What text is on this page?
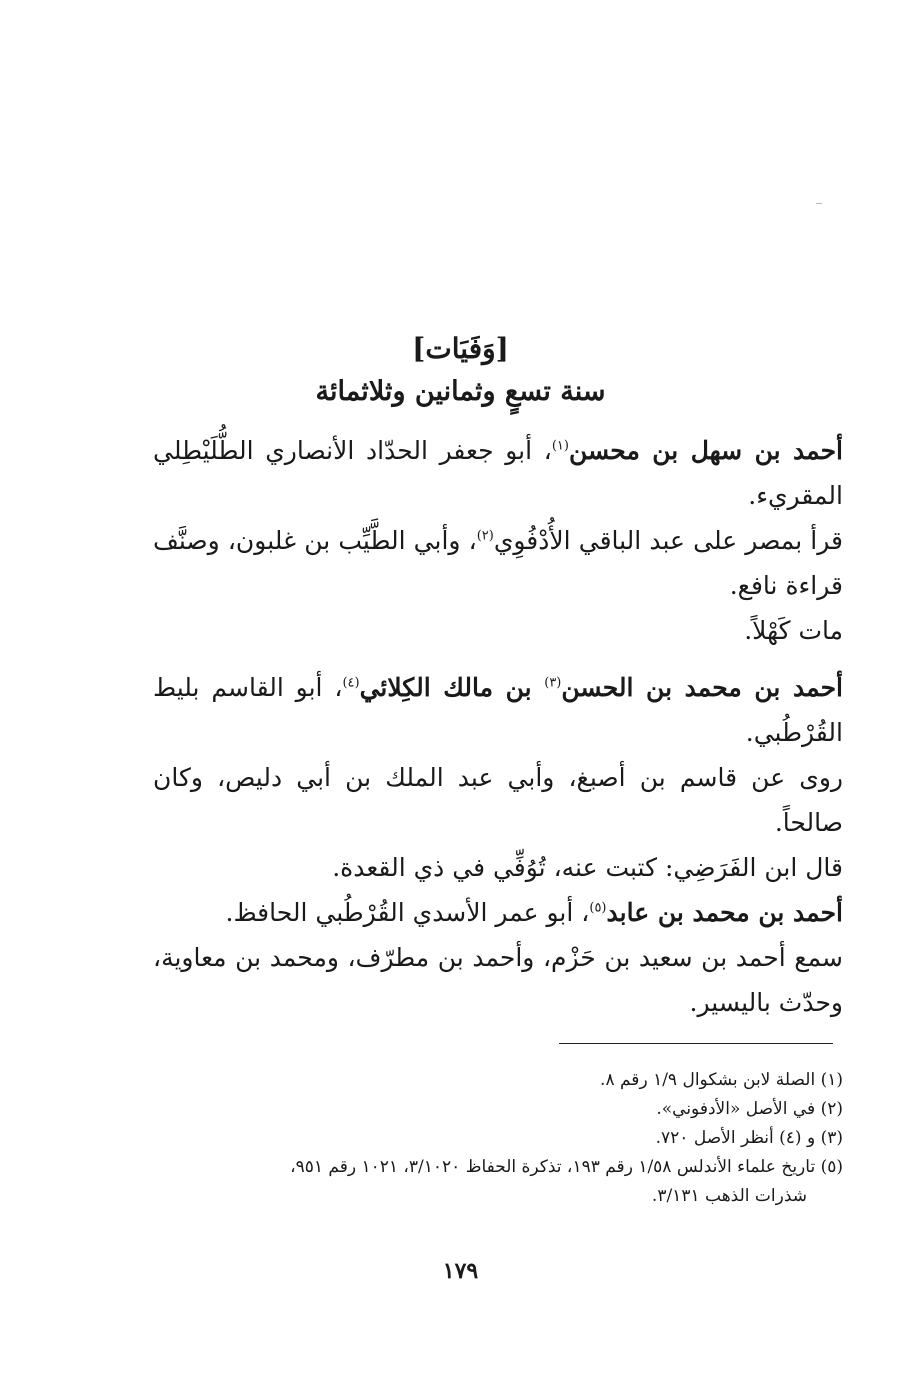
[وَفَيَات]
سنة تسعٍ وثمانين وثلاثمائة

أحمد بن سهل بن محسن$^{(١)}$، أبو جعفر الحدّاد الأنصاري الطُّلَيْطِلي المقريء.

قرأ بمصر على عبد الباقي الأُدْفُوِي$^{(٢)}$، وأبي الطَّيِّب بن غلبون، وصنَّف قراءة نافع.

مات كَهْلاً.

أحمد بن محمد بن الحسن$^{(٣)}$ بن مالك الكِلائي$^{(٤)}$، أبو القاسم بليط القُرْطُبي.

روى عن قاسم بن أصبغ، وأبي عبد الملك بن أبي دليص، وكان صالحاً.

قال ابن الفَرَضِي: كتبت عنه، تُوُفِّي في ذي القعدة.

أحمد بن محمد بن عابد$^{(٥)}$، أبو عمر الأسدي القُرْطُبي الحافظ.

سمع أحمد بن سعيد بن حَزْم، وأحمد بن مطرّف، ومحمد بن معاوية، وحدّث باليسير.

(١) الصلة لابن بشكوال ١/٩ رقم ٨.

(٢) في الأصل «الأدفوني».

(٣) و (٤) أنظر الأصل ٧٢٠.

(٥) تاريخ علماء الأندلس ١/٥٨ رقم ١٩٣، تذكرة الحفاظ ٣/١٠٢٠، ١٠٢١ رقم ٩٥١،

شذرات الذهب ٣/١٣١.

١٧٩
